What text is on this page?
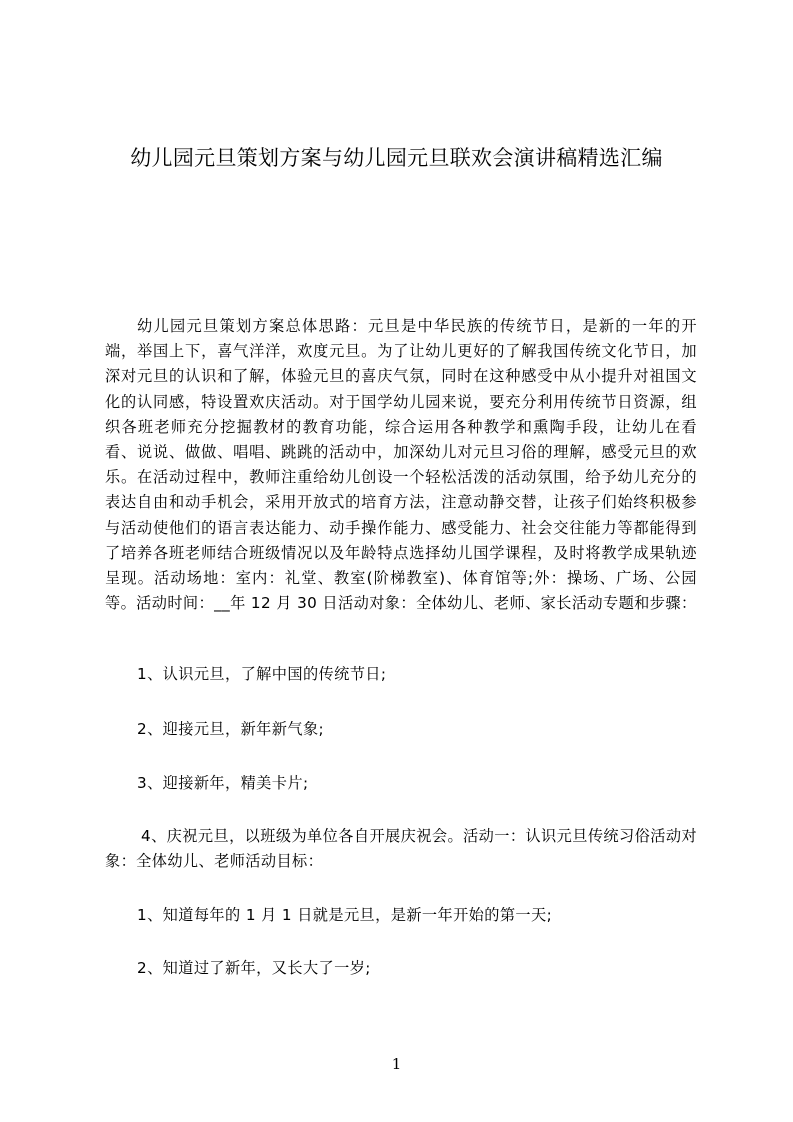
幼儿园元旦策划方案与幼儿园元旦联欢会演讲稿精选汇编

幼儿园元旦策划方案总体思路：元旦是中华民族的传统节日，是新的一年的开端，举国上下，喜气洋洋，欢度元旦。为了让幼儿更好的了解我国传统文化节日，加深对元旦的认识和了解，体验元旦的喜庆气氛，同时在这种感受中从小提升对祖国文化的认同感，特设置欢庆活动。对于国学幼儿园来说，要充分利用传统节日资源，组织各班老师充分挖掘教材的教育功能，综合运用各种教学和熏陶手段，让幼儿在看看、说说、做做、唱唱、跳跳的活动中，加深幼儿对元旦习俗的理解，感受元旦的欢乐。在活动过程中，教师注重给幼儿创设一个轻松活泼的活动氛围，给予幼儿充分的表达自由和动手机会，采用开放式的培育方法，注意动静交替，让孩子们始终积极参与活动使他们的语言表达能力、动手操作能力、感受能力、社会交往能力等都能得到了培养各班老师结合班级情况以及年龄特点选择幼儿国学课程，及时将教学成果轨迹呈现。活动场地：室内：礼堂、教室(阶梯教室)、体育馆等;外：操场、广场、公园等。活动时间：__年 12 月 30 日活动对象：全体幼儿、老师、家长活动专题和步骤：

1、认识元旦，了解中国的传统节日;

2、迎接元旦，新年新气象;

3、迎接新年，精美卡片;

4、庆祝元旦，以班级为单位各自开展庆祝会。活动一：认识元旦传统习俗活动对象：全体幼儿、老师活动目标：

1、知道每年的 1 月 1 日就是元旦，是新一年开始的第一天;

2、知道过了新年，又长大了一岁;

1
